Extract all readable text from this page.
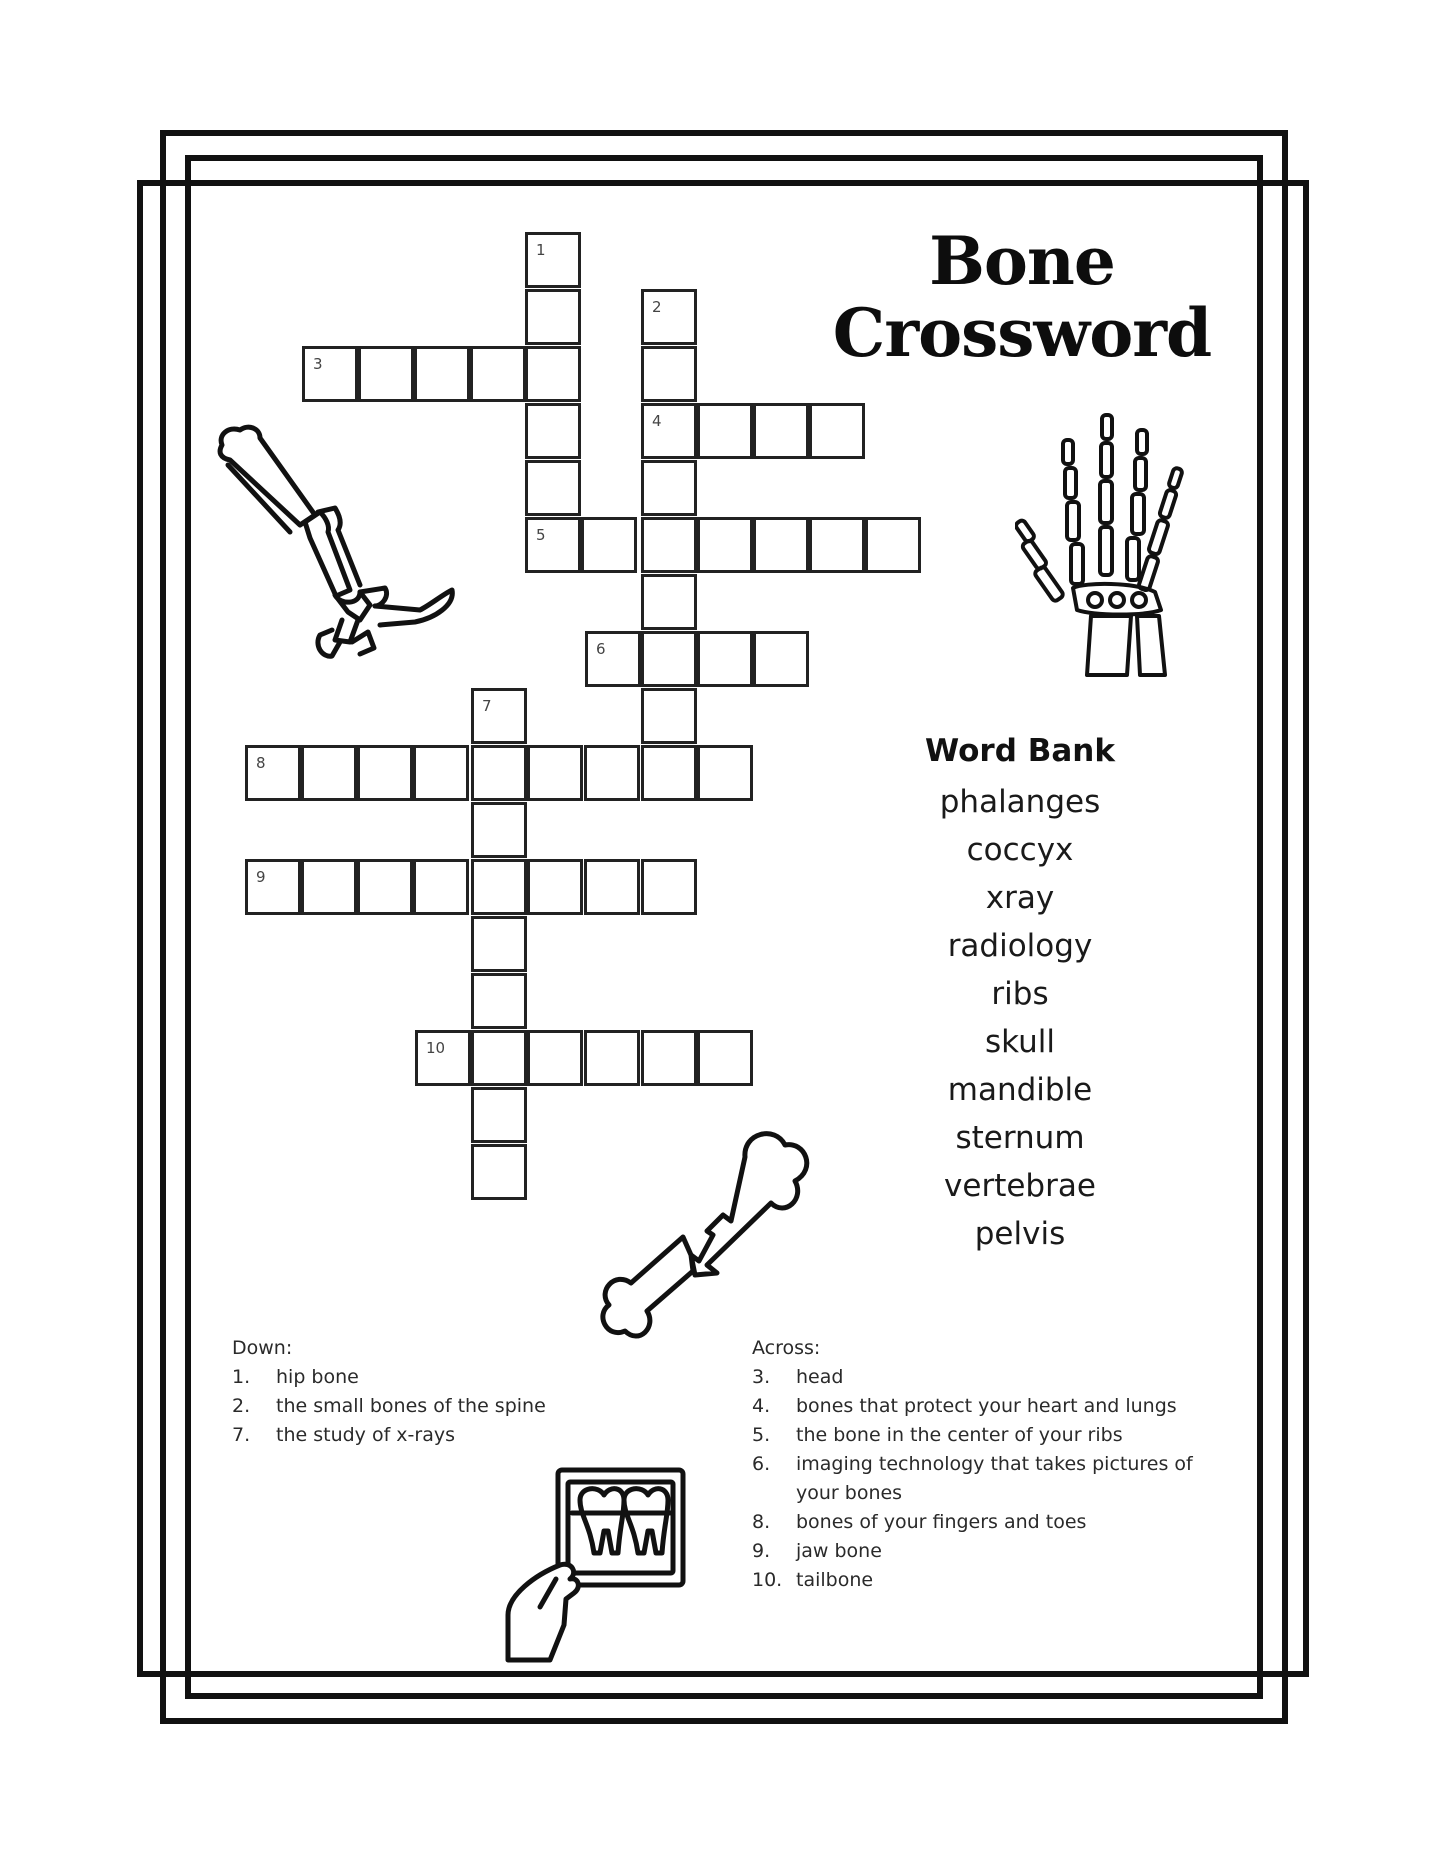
Bone
Crossword
1
5
3
2
4
6
7
8
9
10
Word Bank
phalanges
coccyx
xray
radiology
ribs
skull
mandible
sternum
vertebrae
pelvis
Down:
1.	hip bone
2.	the small bones of the spine
7.	the study of x-rays
Across:
3.	head
4.	bones that protect your heart and lungs
5.	the bone in the center of your ribs
6.	imaging technology that takes pictures of your bones
8.	bones of your fingers and toes
9.	jaw bone
10. tailbone
